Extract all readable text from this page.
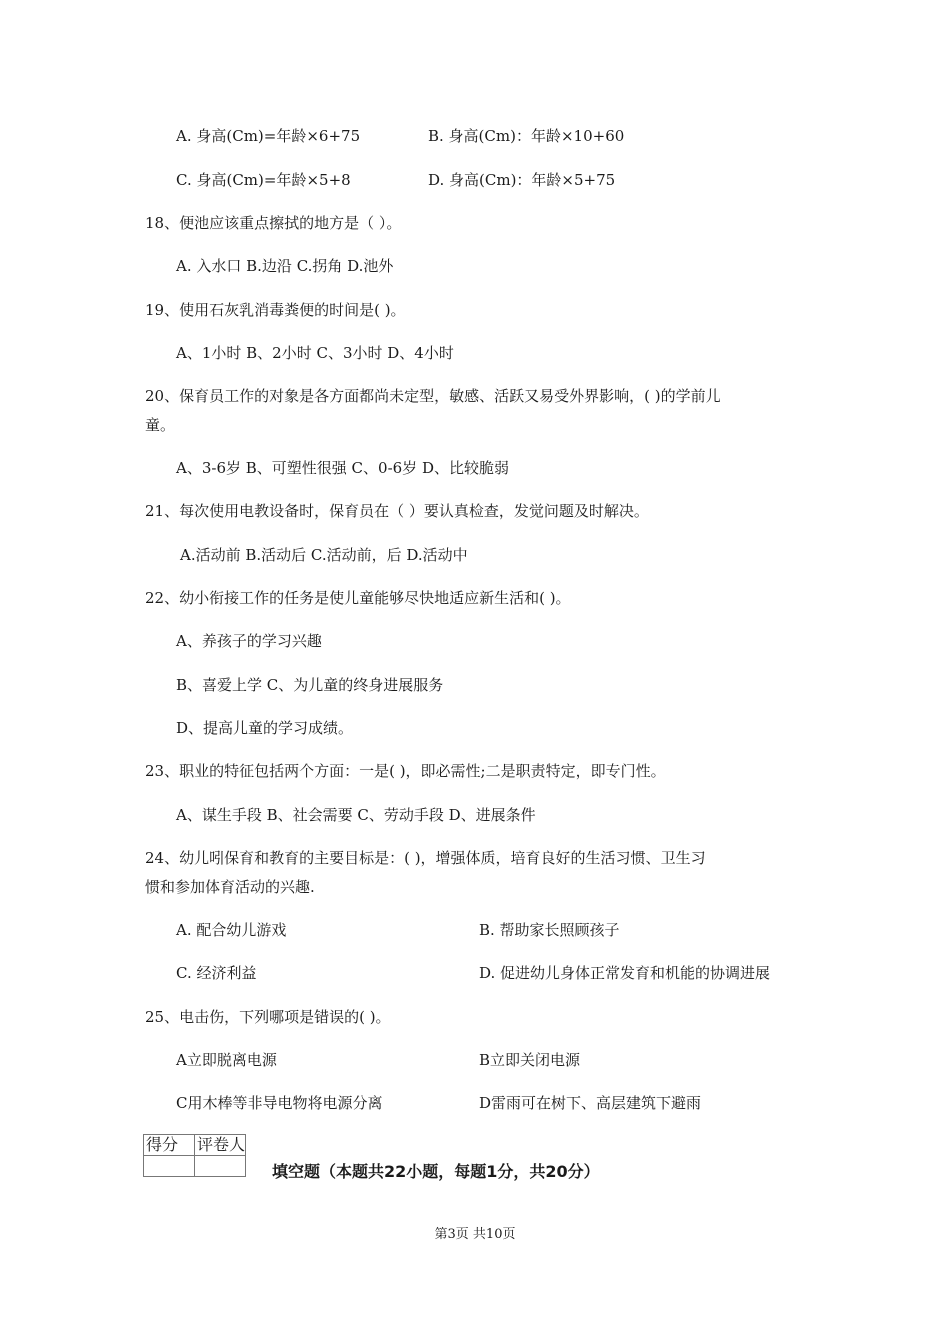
A. 身高(Cm)=年龄×6+75	B. 身高(Cm)：年龄×10+60
C. 身高(Cm)=年龄×5+8	D. 身高(Cm)：年龄×5+75
18、便池应该重点擦拭的地方是（ ）。
A. 入水口 B.边沿 C.拐角 D.池外
19、使用石灰乳消毒粪便的时间是( )。
A、1小时 B、2小时 C、3小时 D、4小时
20、保育员工作的对象是各方面都尚未定型，敏感、活跃又易受外界影响，( )的学前儿
童。
A、3-6岁 B、可塑性很强 C、0-6岁 D、比较脆弱
21、每次使用电教设备时，保育员在（ ）要认真检查，发觉问题及时解决。
A.活动前 B.活动后 C.活动前，后 D.活动中
22、幼小衔接工作的任务是使儿童能够尽快地适应新生活和( )。
A、养孩子的学习兴趣
B、喜爱上学 C、为儿童的终身进展服务
D、提高儿童的学习成绩。
23、职业的特征包括两个方面：一是( )，即必需性;二是职责特定，即专门性。
A、谋生手段 B、社会需要 C、劳动手段 D、进展条件
24、幼儿吲保育和教育的主要目标是：( )，增强体质，培育良好的生活习惯、卫生习
惯和参加体育活动的兴趣.
A. 配合幼儿游戏	B. 帮助家长照顾孩子
C. 经济利益	D. 促进幼儿身体正常发育和机能的协调进展
25、电击伤，下列哪项是错误的( )。
A立即脱离电源	B立即关闭电源
C用木棒等非导电物将电源分离	D雷雨可在树下、高层建筑下避雨
得分	评卷人

填空题（本题共22小题，每题1分，共20分）
第3页 共10页
